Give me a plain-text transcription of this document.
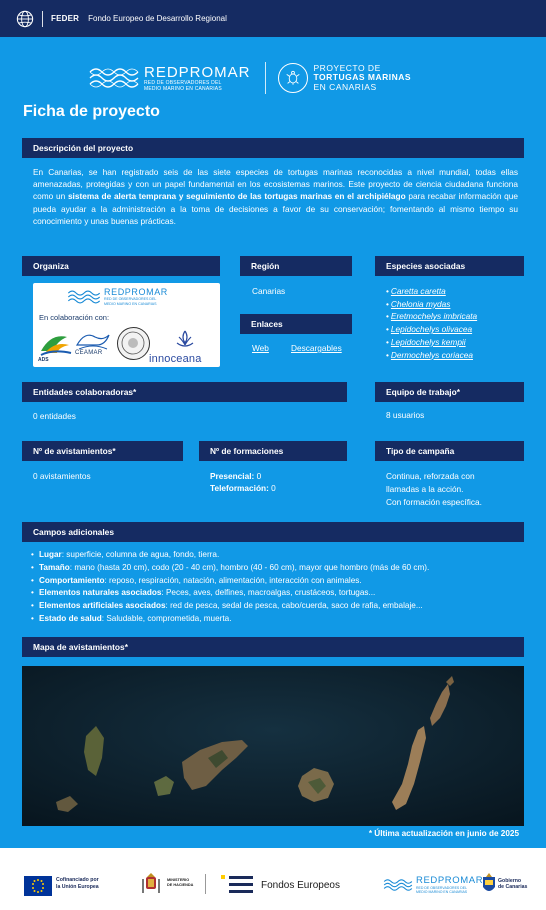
FEDER Fondo Europeo de Desarrollo Regional
REDPROMAR
RED DE OBSERVADORES DEL
MEDIO MARINO EN CANARIAS
PROYECTO DE
TORTUGAS MARINAS
EN CANARIAS
Ficha de proyecto
Descripción del proyecto
En Canarias, se han registrado seis de las siete especies de tortugas marinas reconocidas a nivel mundial, todas ellas amenazadas, protegidas y con un papel fundamental en los ecosistemas marinos. Este proyecto de ciencia ciudadana funciona como un sistema de alerta temprana y seguimiento de las tortugas marinas en el archipiélago para recabar información que pueda ayudar a la administración a la toma de decisiones a favor de su conservación; fomentando al mismo tiempo su conocimiento y unas buenas prácticas.
Organiza	Región	Especies asociadas
REDPROMAR
RED DE OBSERVADORES DEL
MEDIO MARINO EN CANARIAS
En colaboración con:
ADS
CEAMAR	innoceana
Canarias
Enlaces
Web	Descargables
• Caretta caretta
• Chelonia mydas
• Eretmochelys imbricata
• Lepidochelys olivacea
• Lepidochelys kempii
• Dermochelys coriacea
Entidades colaboradoras*	Equipo de trabajo*
0 entidades	8 usuarios
Nº de avistamientos*	Nº de formaciones	Tipo de campaña
0 avistamientos	Presencial: 0
Teleformación: 0
Continua, reforzada con
llamadas a la acción.
Con formación específica.
Campos adicionales
• Lugar: superficie, columna de agua, fondo, tierra.
• Tamaño: mano (hasta 20 cm), codo (20 - 40 cm), hombro (40 - 60 cm), mayor que hombro (más de 60 cm).
• Comportamiento: reposo, respiración, natación, alimentación, interacción con animales.
• Elementos naturales asociados: Peces, aves, delfines, macroalgas, crustáceos, tortugas...
• Elementos artificiales asociados: red de pesca, sedal de pesca, cabo/cuerda, saco de rafia, embalaje...
• Estado de salud: Saludable, comprometida, muerta.
Mapa de avistamientos*
* Última actualización en junio de 2025
Cofinanciado por
la Unión Europea
MINISTERIO
DE HACIENDA	Fondos Europeos	REDPROMAR
RED DE OBSERVADORES DEL
MEDIO MARINO EN CANARIAS
Gobierno
de Canarias
